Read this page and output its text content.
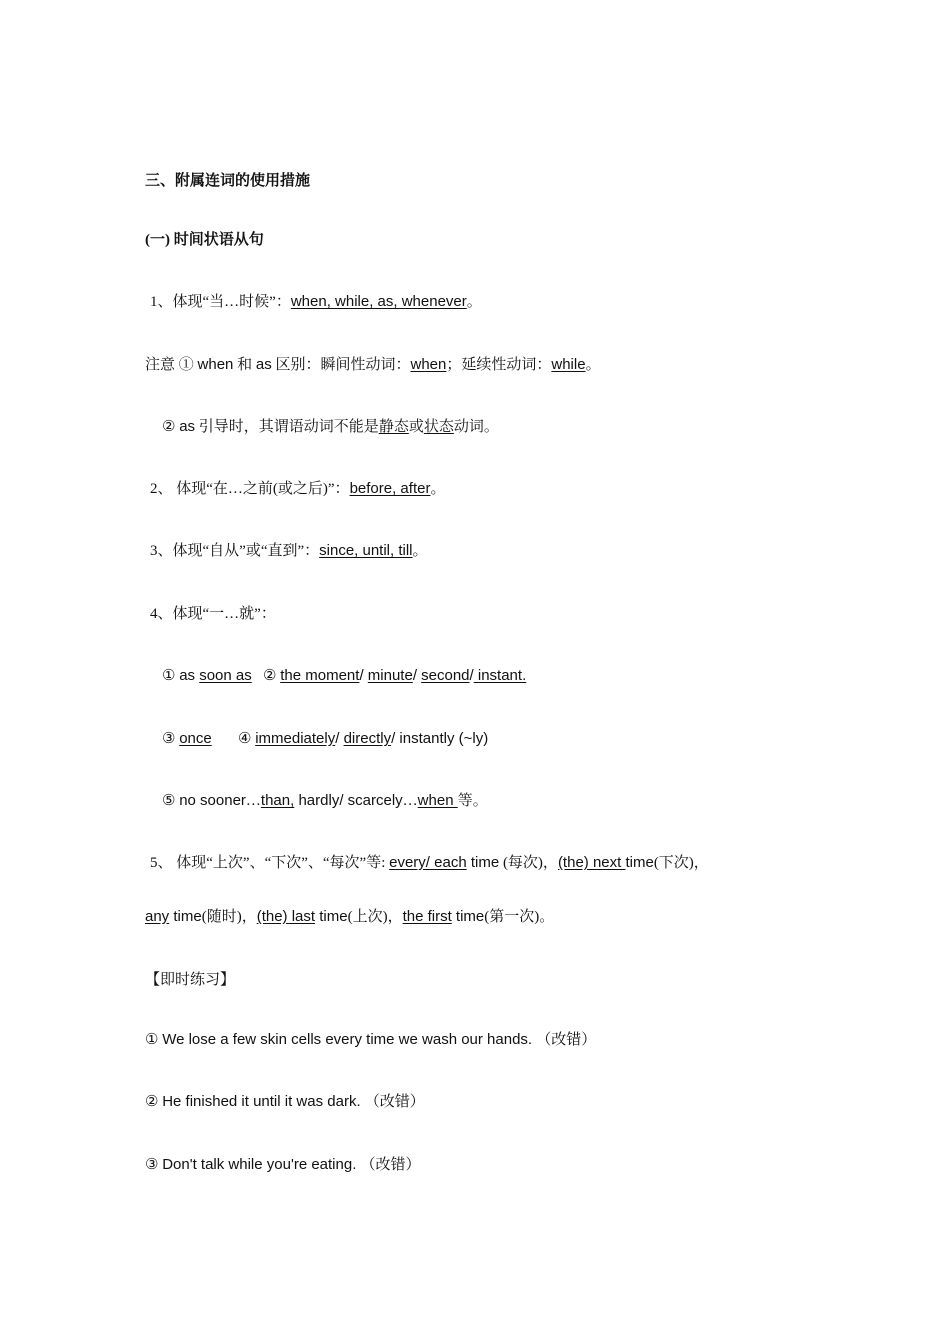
三、附属连词的使用措施
(一) 时间状语从句
1、体现“当…时候”：when, while, as, whenever。
注意 ① when 和 as 区别：瞬间性动词：when；延续性动词：while。
② as 引导时，其谓语动词不能是静态或状态动词。
2、 体现“在…之前(或之后)”：before, after。
3、体现“自从”或“直到”：since, until, till。
4、体现“一…就”：
① as soon as   ② the moment/ minute/ second/ instant.
③ once       ④ immediately/ directly/ instantly (~ly)
⑤ no sooner…than, hardly/ scarcely…when 等。
5、 体现“上次”、“下次”、“每次”等: every/ each time (每次)，(the) next time(下次)，
any time(随时)，(the) last time(上次)，the first time(第一次)。
【即时练习】
① We lose a few skin cells every time we wash our hands. （改错）
② He finished it until it was dark. （改错）
③ Don't talk while you're eating. （改错）
